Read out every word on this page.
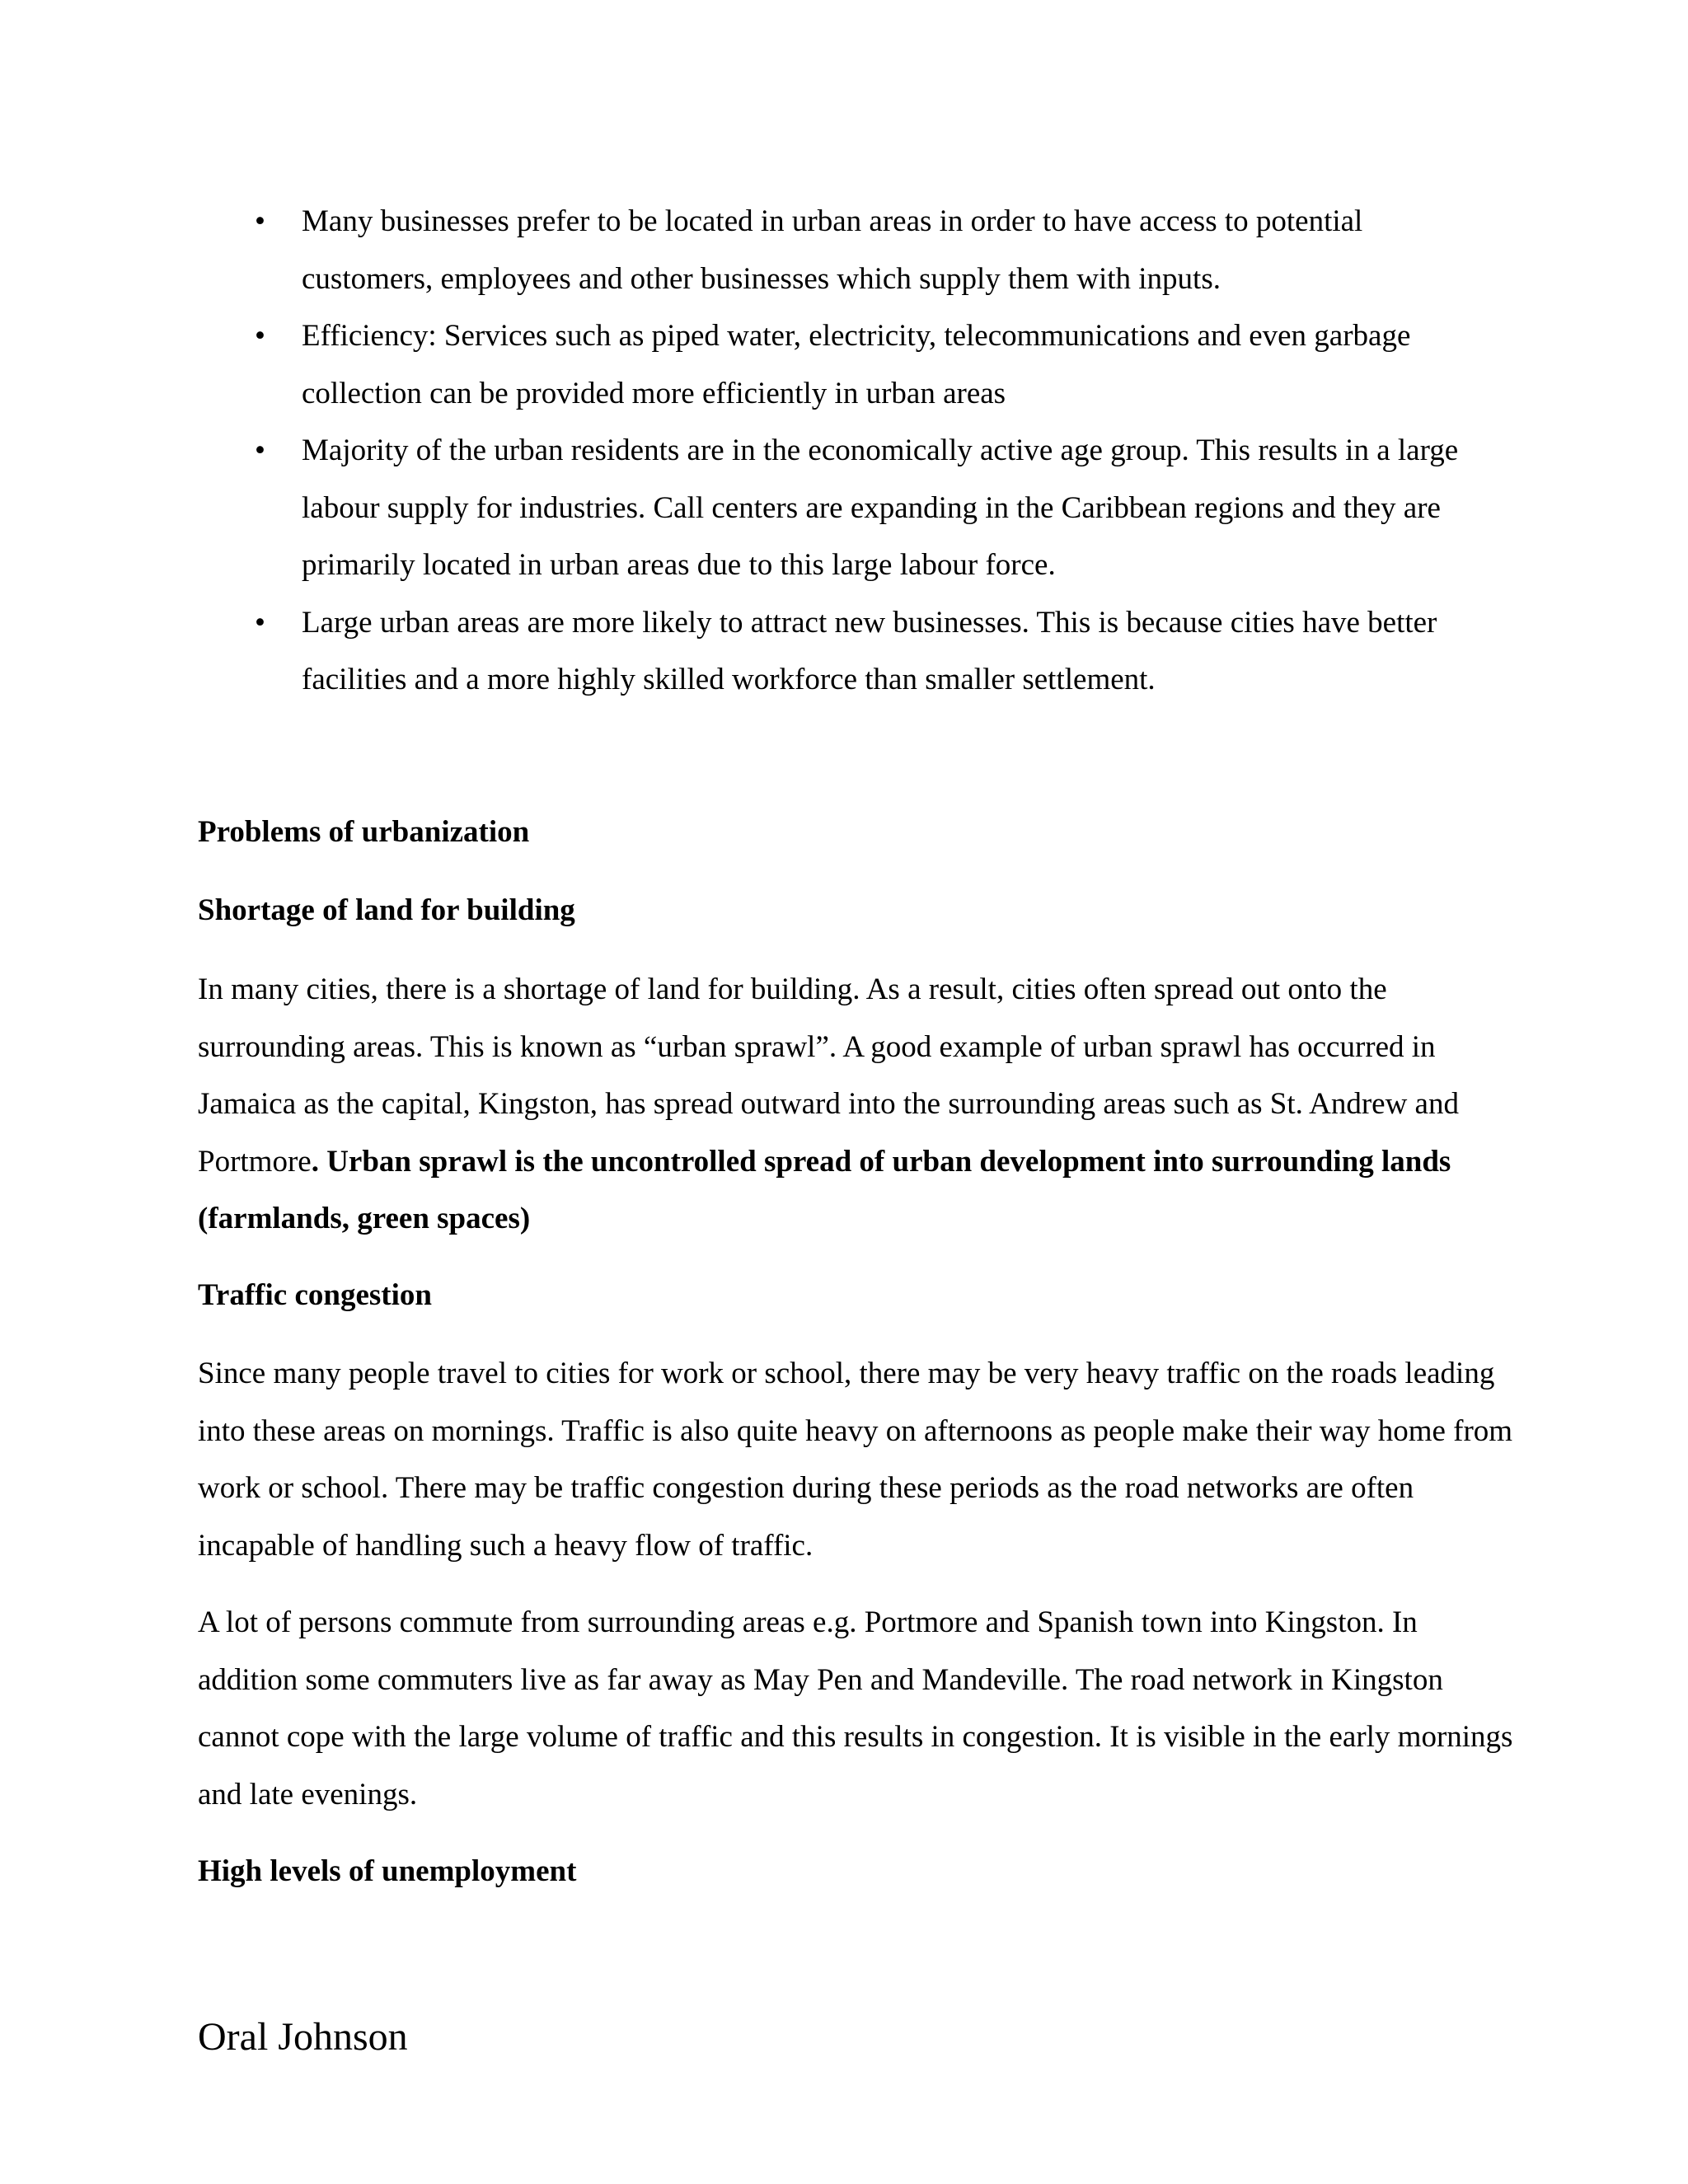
• Many businesses prefer to be located in urban areas in order to have access to potential customers, employees and other businesses which supply them with inputs.
• Efficiency: Services such as piped water, electricity, telecommunications and even garbage collection can be provided more efficiently in urban areas
• Majority of the urban residents are in the economically active age group. This results in a large labour supply for industries. Call centers are expanding in the Caribbean regions and they are primarily located in urban areas due to this large labour force.
• Large urban areas are more likely to attract new businesses. This is because cities have better facilities and a more highly skilled workforce than smaller settlement.
Problems of urbanization
Shortage of land for building
In many cities, there is a shortage of land for building. As a result, cities often spread out onto the surrounding areas. This is known as “urban sprawl”. A good example of urban sprawl has occurred in Jamaica as the capital, Kingston, has spread outward into the surrounding areas such as St. Andrew and Portmore. Urban sprawl is the uncontrolled spread of urban development into surrounding lands (farmlands, green spaces)
Traffic congestion
Since many people travel to cities for work or school, there may be very heavy traffic on the roads leading into these areas on mornings. Traffic is also quite heavy on afternoons as people make their way home from work or school. There may be traffic congestion during these periods as the road networks are often incapable of handling such a heavy flow of traffic.
A lot of persons commute from surrounding areas e.g. Portmore and Spanish town into Kingston. In addition some commuters live as far away as May Pen and Mandeville. The road network in Kingston cannot cope with the large volume of traffic and this results in congestion. It is visible in the early mornings and late evenings.
High levels of unemployment
Oral Johnson
